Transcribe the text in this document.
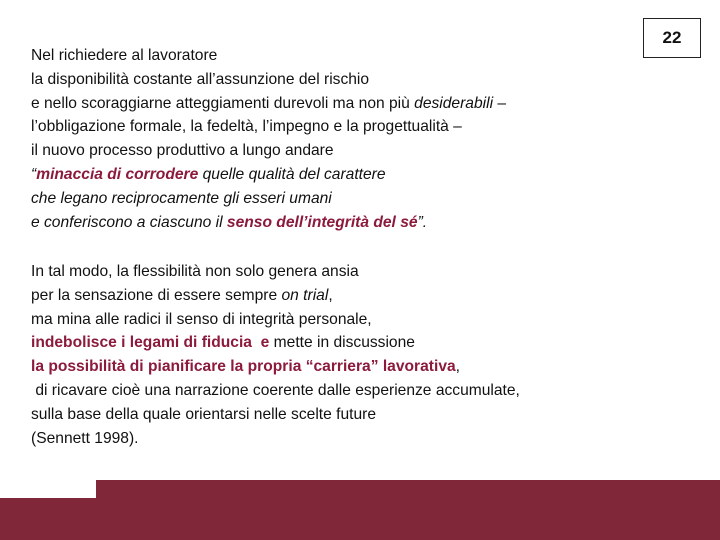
22
Nel richiedere al lavoratore
la disponibilità costante all’assunzione del rischio
e nello scoraggiarne atteggiamenti durevoli ma non più desiderabili –
l’obbligazione formale, la fedeltà, l’impegno e la progettualità –
il nuovo processo produttivo a lungo andare
“minaccia di corrodere quelle qualità del carattere
che legano reciprocamente gli esseri umani
e conferiscono a ciascuno il senso dell’integrità del sé”.
In tal modo, la flessibilità non solo genera ansia
per la sensazione di essere sempre on trial,
ma mina alle radici il senso di integrità personale,
indebolisce i legami di fiducia e mette in discussione
la possibilità di pianificare la propria “carriera” lavorativa,
di ricavare cioè una narrazione coerente dalle esperienze accumulate,
sulla base della quale orientarsi nelle scelte future
(Sennett 1998).
